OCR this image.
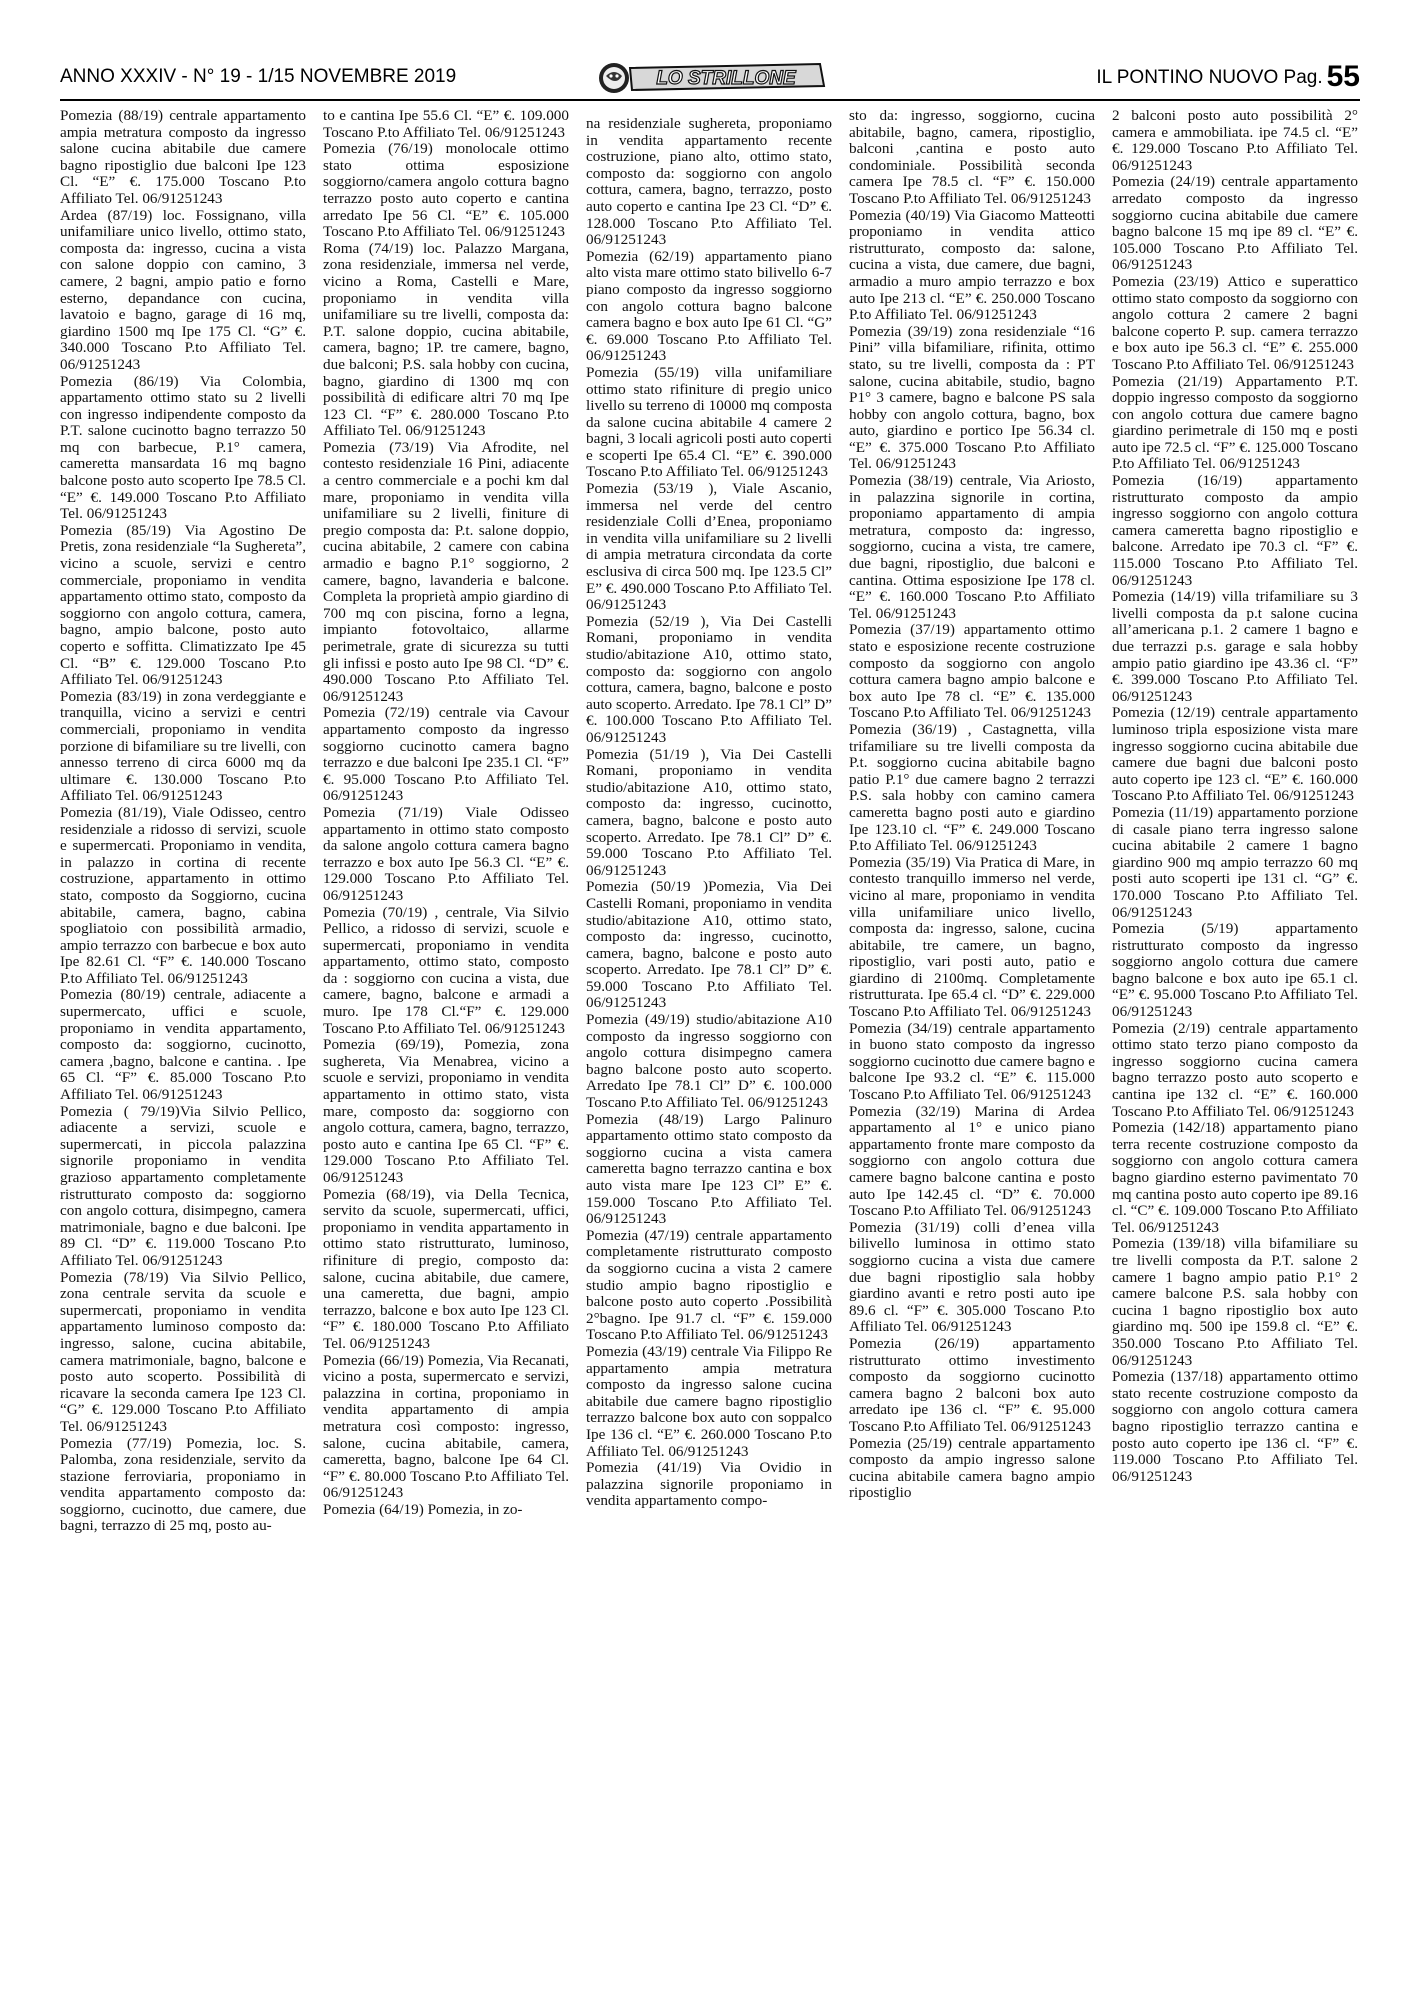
ANNO XXXIV - N° 19 - 1/15 NOVEMBRE 2019	LO STRILLONE	IL PONTINO NUOVO Pag. 55

Pomezia (88/19) centrale appartamento ampia metratura composto da ingresso salone cucina abitabile due camere bagno ripostiglio due balconi Ipe 123 Cl. “E” €. 175.000 Toscano P.to Affiliato Tel. 06/91251243

Ardea (87/19) loc. Fossignano, villa unifamiliare unico livello, ottimo stato, composta da: ingresso, cucina a vista con salone doppio con camino, 3 camere, 2 bagni, ampio patio e forno esterno, depandance con cucina, lavatoio e bagno, garage di 16 mq, giardino 1500 mq Ipe 175 Cl. “G” €. 340.000 Toscano P.to Affiliato Tel. 06/91251243

Pomezia (86/19) Via Colombia, appartamento ottimo stato su 2 livelli con ingresso indipendente composto da P.T. salone cucinotto bagno terrazzo 50 mq con barbecue, P.1° camera, cameretta mansardata 16 mq bagno balcone posto auto scoperto Ipe 78.5 Cl. “E” €. 149.000 Toscano P.to Affiliato Tel. 06/91251243

Pomezia (85/19) Via Agostino De Pretis, zona residenziale “la Sughereta”, vicino a scuole, servizi e centro commerciale, proponiamo in vendita appartamento ottimo stato, composto da soggiorno con angolo cottura, camera, bagno, ampio balcone, posto auto coperto e soffitta. Climatizzato Ipe 45 Cl. “B” €. 129.000 Toscano P.to Affiliato Tel. 06/91251243

Pomezia (83/19) in zona verdeggiante e tranquilla, vicino a servizi e centri commerciali, proponiamo in vendita porzione di bifamiliare su tre livelli, con annesso terreno di circa 6000 mq da ultimare €. 130.000 Toscano P.to Affiliato Tel. 06/91251243

Pomezia (81/19), Viale Odisseo, centro residenziale a ridosso di servizi, scuole e supermercati. Proponiamo in vendita, in palazzo in cortina di recente costruzione, appartamento in ottimo stato, composto da Soggiorno, cucina abitabile, camera, bagno, cabina spogliatoio con possibilità armadio, ampio terrazzo con barbecue e box auto Ipe 82.61 Cl. “F” €. 140.000 Toscano P.to Affiliato Tel. 06/91251243

Pomezia (80/19) centrale, adiacente a supermercato, uffici e scuole, proponiamo in vendita appartamento, composto da: soggiorno, cucinotto, camera ,bagno, balcone e cantina. . Ipe 65 Cl. “F” €. 85.000 Toscano P.to Affiliato Tel. 06/91251243

Pomezia ( 79/19)Via Silvio Pellico, adiacente a servizi, scuole e supermercati, in piccola palazzina signorile proponiamo in vendita grazioso appartamento completamente ristrutturato composto da: soggiorno con angolo cottura, disimpegno, camera matrimoniale, bagno e due balconi. Ipe 89 Cl. “D” €. 119.000 Toscano P.to Affiliato Tel. 06/91251243

Pomezia (78/19) Via Silvio Pellico, zona centrale servita da scuole e supermercati, proponiamo in vendita appartamento luminoso composto da: ingresso, salone, cucina abitabile, camera matrimoniale, bagno, balcone e posto auto scoperto. Possibilità di ricavare la seconda camera Ipe 123 Cl. “G” €. 129.000 Toscano P.to Affiliato Tel. 06/91251243

Pomezia (77/19) Pomezia, loc. S. Palomba, zona residenziale, servito da stazione ferroviaria, proponiamo in vendita appartamento composto da: soggiorno, cucinotto, due camere, due bagni, terrazzo di 25 mq, posto au-

to e cantina Ipe 55.6 Cl. “E” €. 109.000 Toscano P.to Affiliato Tel. 06/91251243

Pomezia (76/19) monolocale ottimo stato ottima esposizione soggiorno/camera angolo cottura bagno terrazzo posto auto coperto e cantina arredato Ipe 56 Cl. “E” €. 105.000 Toscano P.to Affiliato Tel. 06/91251243

Roma (74/19) loc. Palazzo Margana, zona residenziale, immersa nel verde, vicino a Roma, Castelli e Mare, proponiamo in vendita villa unifamiliare su tre livelli, composta da: P.T. salone doppio, cucina abitabile, camera, bagno; 1P. tre camere, bagno, due balconi; P.S. sala hobby con cucina, bagno, giardino di 1300 mq con possibilità di edificare altri 70 mq Ipe 123 Cl. “F” €. 280.000 Toscano P.to Affiliato Tel. 06/91251243

Pomezia (73/19) Via Afrodite, nel contesto residenziale 16 Pini, adiacente a centro commerciale e a pochi km dal mare, proponiamo in vendita villa unifamiliare su 2 livelli, finiture di pregio composta da: P.t. salone doppio, cucina abitabile, 2 camere con cabina armadio e bagno P.1° soggiorno, 2 camere, bagno, lavanderia e balcone. Completa la proprietà ampio giardino di 700 mq con piscina, forno a legna, impianto fotovoltaico, allarme perimetrale, grate di sicurezza su tutti gli infissi e posto auto Ipe 98 Cl. “D” €. 490.000 Toscano P.to Affiliato Tel. 06/91251243

Pomezia (72/19) centrale via Cavour appartamento composto da ingresso soggiorno cucinotto camera bagno terrazzo e due balconi Ipe 235.1 Cl. “F” €. 95.000 Toscano P.to Affiliato Tel. 06/91251243

Pomezia (71/19) Viale Odisseo appartamento in ottimo stato composto da salone angolo cottura camera bagno terrazzo e box auto Ipe 56.3 Cl. “E” €. 129.000 Toscano P.to Affiliato Tel. 06/91251243

Pomezia (70/19) , centrale, Via Silvio Pellico, a ridosso di servizi, scuole e supermercati, proponiamo in vendita appartamento, ottimo stato, composto da : soggiorno con cucina a vista, due camere, bagno, balcone e armadi a muro. Ipe 178 Cl.“F” €. 129.000 Toscano P.to Affiliato Tel. 06/91251243

Pomezia (69/19), Pomezia, zona sughereta, Via Menabrea, vicino a scuole e servizi, proponiamo in vendita appartamento in ottimo stato, vista mare, composto da: soggiorno con angolo cottura, camera, bagno, terrazzo, posto auto e cantina Ipe 65 Cl. “F” €. 129.000 Toscano P.to Affiliato Tel. 06/91251243

Pomezia (68/19), via Della Tecnica, servito da scuole, supermercati, uffici, proponiamo in vendita appartamento in ottimo stato ristrutturato, luminoso, rifiniture di pregio, composto da: salone, cucina abitabile, due camere, una cameretta, due bagni, ampio terrazzo, balcone e box auto Ipe 123 Cl. “F” €. 180.000 Toscano P.to Affiliato Tel. 06/91251243

Pomezia (66/19) Pomezia, Via Recanati, vicino a posta, supermercato e servizi, palazzina in cortina, proponiamo in vendita appartamento di ampia metratura così composto: ingresso, salone, cucina abitabile, camera, cameretta, bagno, balcone Ipe 64 Cl. “F” €. 80.000 Toscano P.to Affiliato Tel. 06/91251243

Pomezia (64/19) Pomezia, in zo-

na residenziale sughereta, proponiamo in vendita appartamento recente costruzione, piano alto, ottimo stato, composto da: soggiorno con angolo cottura, camera, bagno, terrazzo, posto auto coperto e cantina Ipe 23 Cl. “D” €. 128.000 Toscano P.to Affiliato Tel. 06/91251243

Pomezia (62/19) appartamento piano alto vista mare ottimo stato bilivello 6-7 piano composto da ingresso soggiorno con angolo cottura bagno balcone camera bagno e box auto Ipe 61 Cl. “G” €. 69.000 Toscano P.to Affiliato Tel. 06/91251243

Pomezia (55/19) villa unifamiliare ottimo stato rifiniture di pregio unico livello su terreno di 10000 mq composta da salone cucina abitabile 4 camere 2 bagni, 3 locali agricoli posti auto coperti e scoperti Ipe 65.4 Cl. “E” €. 390.000 Toscano P.to Affiliato Tel. 06/91251243

Pomezia (53/19 ), Viale Ascanio, immersa nel verde del centro residenziale Colli d’Enea, proponiamo in vendita villa unifamiliare su 2 livelli di ampia metratura circondata da corte esclusiva di circa 500 mq. Ipe 123.5 Cl” E” €. 490.000 Toscano P.to Affiliato Tel. 06/91251243

Pomezia (52/19 ), Via Dei Castelli Romani, proponiamo in vendita studio/abitazione A10, ottimo stato, composto da: soggiorno con angolo cottura, camera, bagno, balcone e posto auto scoperto. Arredato. Ipe 78.1 Cl” D” €. 100.000 Toscano P.to Affiliato Tel. 06/91251243

Pomezia (51/19 ), Via Dei Castelli Romani, proponiamo in vendita studio/abitazione A10, ottimo stato, composto da: ingresso, cucinotto, camera, bagno, balcone e posto auto scoperto. Arredato. Ipe 78.1 Cl” D” €. 59.000 Toscano P.to Affiliato Tel. 06/91251243

Pomezia (50/19 )Pomezia, Via Dei Castelli Romani, proponiamo in vendita studio/abitazione A10, ottimo stato, composto da: ingresso, cucinotto, camera, bagno, balcone e posto auto scoperto. Arredato. Ipe 78.1 Cl” D” €. 59.000 Toscano P.to Affiliato Tel. 06/91251243

Pomezia (49/19) studio/abitazione A10 composto da ingresso soggiorno con angolo cottura disimpegno camera bagno balcone posto auto scoperto. Arredato Ipe 78.1 Cl” D” €. 100.000 Toscano P.to Affiliato Tel. 06/91251243

Pomezia (48/19) Largo Palinuro appartamento ottimo stato composto da soggiorno cucina a vista camera cameretta bagno terrazzo cantina e box auto vista mare Ipe 123 Cl” E” €. 159.000 Toscano P.to Affiliato Tel. 06/91251243

Pomezia (47/19) centrale appartamento completamente ristrutturato composto da soggiorno cucina a vista 2 camere studio ampio bagno ripostiglio e balcone posto auto coperto .Possibilità 2°bagno. Ipe 91.7 cl. “F” €. 159.000 Toscano P.to Affiliato Tel. 06/91251243

Pomezia (43/19) centrale Via Filippo Re appartamento ampia metratura composto da ingresso salone cucina abitabile due camere bagno ripostiglio terrazzo balcone box auto con soppalco Ipe 136 cl. “E” €. 260.000 Toscano P.to Affiliato Tel. 06/91251243

Pomezia (41/19) Via Ovidio in palazzina signorile proponiamo in vendita appartamento compo-

sto da: ingresso, soggiorno, cucina abitabile, bagno, camera, ripostiglio, balconi ,cantina e posto auto condominiale. Possibilità seconda camera Ipe 78.5 cl. “F” €. 150.000 Toscano P.to Affiliato Tel. 06/91251243

Pomezia (40/19) Via Giacomo Matteotti proponiamo in vendita attico ristrutturato, composto da: salone, cucina a vista, due camere, due bagni, armadio a muro ampio terrazzo e box auto Ipe 213 cl. “E” €. 250.000 Toscano P.to Affiliato Tel. 06/91251243

Pomezia (39/19) zona residenziale “16 Pini” villa bifamiliare, rifinita, ottimo stato, su tre livelli, composta da : PT salone, cucina abitabile, studio, bagno P1° 3 camere, bagno e balcone PS sala hobby con angolo cottura, bagno, box auto, giardino e portico Ipe 56.34 cl. “E” €. 375.000 Toscano P.to Affiliato Tel. 06/91251243

Pomezia (38/19) centrale, Via Ariosto, in palazzina signorile in cortina, proponiamo appartamento di ampia metratura, composto da: ingresso, soggiorno, cucina a vista, tre camere, due bagni, ripostiglio, due balconi e cantina. Ottima esposizione Ipe 178 cl. “E” €. 160.000 Toscano P.to Affiliato Tel. 06/91251243

Pomezia (37/19) appartamento ottimo stato e esposizione recente costruzione composto da soggiorno con angolo cottura camera bagno ampio balcone e box auto Ipe 78 cl. “E” €. 135.000 Toscano P.to Affiliato Tel. 06/91251243

Pomezia (36/19) , Castagnetta, villa trifamiliare su tre livelli composta da P.t. soggiorno cucina abitabile bagno patio P.1° due camere bagno 2 terrazzi P.S. sala hobby con camino camera cameretta bagno posti auto e giardino Ipe 123.10 cl. “F” €. 249.000 Toscano P.to Affiliato Tel. 06/91251243

Pomezia (35/19) Via Pratica di Mare, in contesto tranquillo immerso nel verde, vicino al mare, proponiamo in vendita villa unifamiliare unico livello, composta da: ingresso, salone, cucina abitabile, tre camere, un bagno, ripostiglio, vari posti auto, patio e giardino di 2100mq. Completamente ristrutturata. Ipe 65.4 cl. “D” €. 229.000 Toscano P.to Affiliato Tel. 06/91251243

Pomezia (34/19) centrale appartamento in buono stato composto da ingresso soggiorno cucinotto due camere bagno e balcone Ipe 93.2 cl. “E” €. 115.000 Toscano P.to Affiliato Tel. 06/91251243

Pomezia (32/19) Marina di Ardea appartamento al 1° e unico piano appartamento fronte mare composto da soggiorno con angolo cottura due camere bagno balcone cantina e posto auto Ipe 142.45 cl. “D” €. 70.000 Toscano P.to Affiliato Tel. 06/91251243

Pomezia (31/19) colli d’enea villa bilivello luminosa in ottimo stato soggiorno cucina a vista due camere due bagni ripostiglio sala hobby giardino avanti e retro posti auto ipe 89.6 cl. “F” €. 305.000 Toscano P.to Affiliato Tel. 06/91251243

Pomezia (26/19) appartamento ristrutturato ottimo investimento composto da soggiorno cucinotto camera bagno 2 balconi box auto arredato ipe 136 cl. “F” €. 95.000 Toscano P.to Affiliato Tel. 06/91251243

Pomezia (25/19) centrale appartamento composto da ampio ingresso salone cucina abitabile camera bagno ampio ripostiglio

2 balconi posto auto possibilità 2° camera e ammobiliata. ipe 74.5 cl. “E” €. 129.000 Toscano P.to Affiliato Tel. 06/91251243

Pomezia (24/19) centrale appartamento arredato composto da ingresso soggiorno cucina abitabile due camere bagno balcone 15 mq ipe 89 cl. “E” €. 105.000 Toscano P.to Affiliato Tel. 06/91251243

Pomezia (23/19) Attico e superattico ottimo stato composto da soggiorno con angolo cottura 2 camere 2 bagni balcone coperto P. sup. camera terrazzo e box auto ipe 56.3 cl. “E” €. 255.000 Toscano P.to Affiliato Tel. 06/91251243

Pomezia (21/19) Appartamento P.T. doppio ingresso composto da soggiorno con angolo cottura due camere bagno giardino perimetrale di 150 mq e posti auto ipe 72.5 cl. “F” €. 125.000 Toscano P.to Affiliato Tel. 06/91251243

Pomezia (16/19) appartamento ristrutturato composto da ampio ingresso soggiorno con angolo cottura camera cameretta bagno ripostiglio e balcone. Arredato ipe 70.3 cl. “F” €. 115.000 Toscano P.to Affiliato Tel. 06/91251243

Pomezia (14/19) villa trifamiliare su 3 livelli composta da p.t salone cucina all’americana p.1. 2 camere 1 bagno e due terrazzi p.s. garage e sala hobby ampio patio giardino ipe 43.36 cl. “F” €. 399.000 Toscano P.to Affiliato Tel. 06/91251243

Pomezia (12/19) centrale appartamento luminoso tripla esposizione vista mare ingresso soggiorno cucina abitabile due camere due bagni due balconi posto auto coperto ipe 123 cl. “E” €. 160.000 Toscano P.to Affiliato Tel. 06/91251243

Pomezia (11/19) appartamento porzione di casale piano terra ingresso salone cucina abitabile 2 camere 1 bagno giardino 900 mq ampio terrazzo 60 mq posti auto scoperti ipe 131 cl. “G” €. 170.000 Toscano P.to Affiliato Tel. 06/91251243

Pomezia (5/19) appartamento ristrutturato composto da ingresso soggiorno angolo cottura due camere bagno balcone e box auto ipe 65.1 cl. “E” €. 95.000 Toscano P.to Affiliato Tel. 06/91251243

Pomezia (2/19) centrale appartamento ottimo stato terzo piano composto da ingresso soggiorno cucina camera bagno terrazzo posto auto scoperto e cantina ipe 132 cl. “E” €. 160.000 Toscano P.to Affiliato Tel. 06/91251243

Pomezia (142/18) appartamento piano terra recente costruzione composto da soggiorno con angolo cottura camera bagno giardino esterno pavimentato 70 mq cantina posto auto coperto ipe 89.16 cl. “C” €. 109.000 Toscano P.to Affiliato Tel. 06/91251243

Pomezia (139/18) villa bifamiliare su tre livelli composta da P.T. salone 2 camere 1 bagno ampio patio P.1° 2 camere balcone P.S. sala hobby con cucina 1 bagno ripostiglio box auto giardino mq. 500 ipe 159.8 cl. “E” €. 350.000 Toscano P.to Affiliato Tel. 06/91251243

Pomezia (137/18) appartamento ottimo stato recente costruzione composto da soggiorno con angolo cottura camera bagno ripostiglio terrazzo cantina e posto auto coperto ipe 136 cl. “F” €. 119.000 Toscano P.to Affiliato Tel. 06/91251243
